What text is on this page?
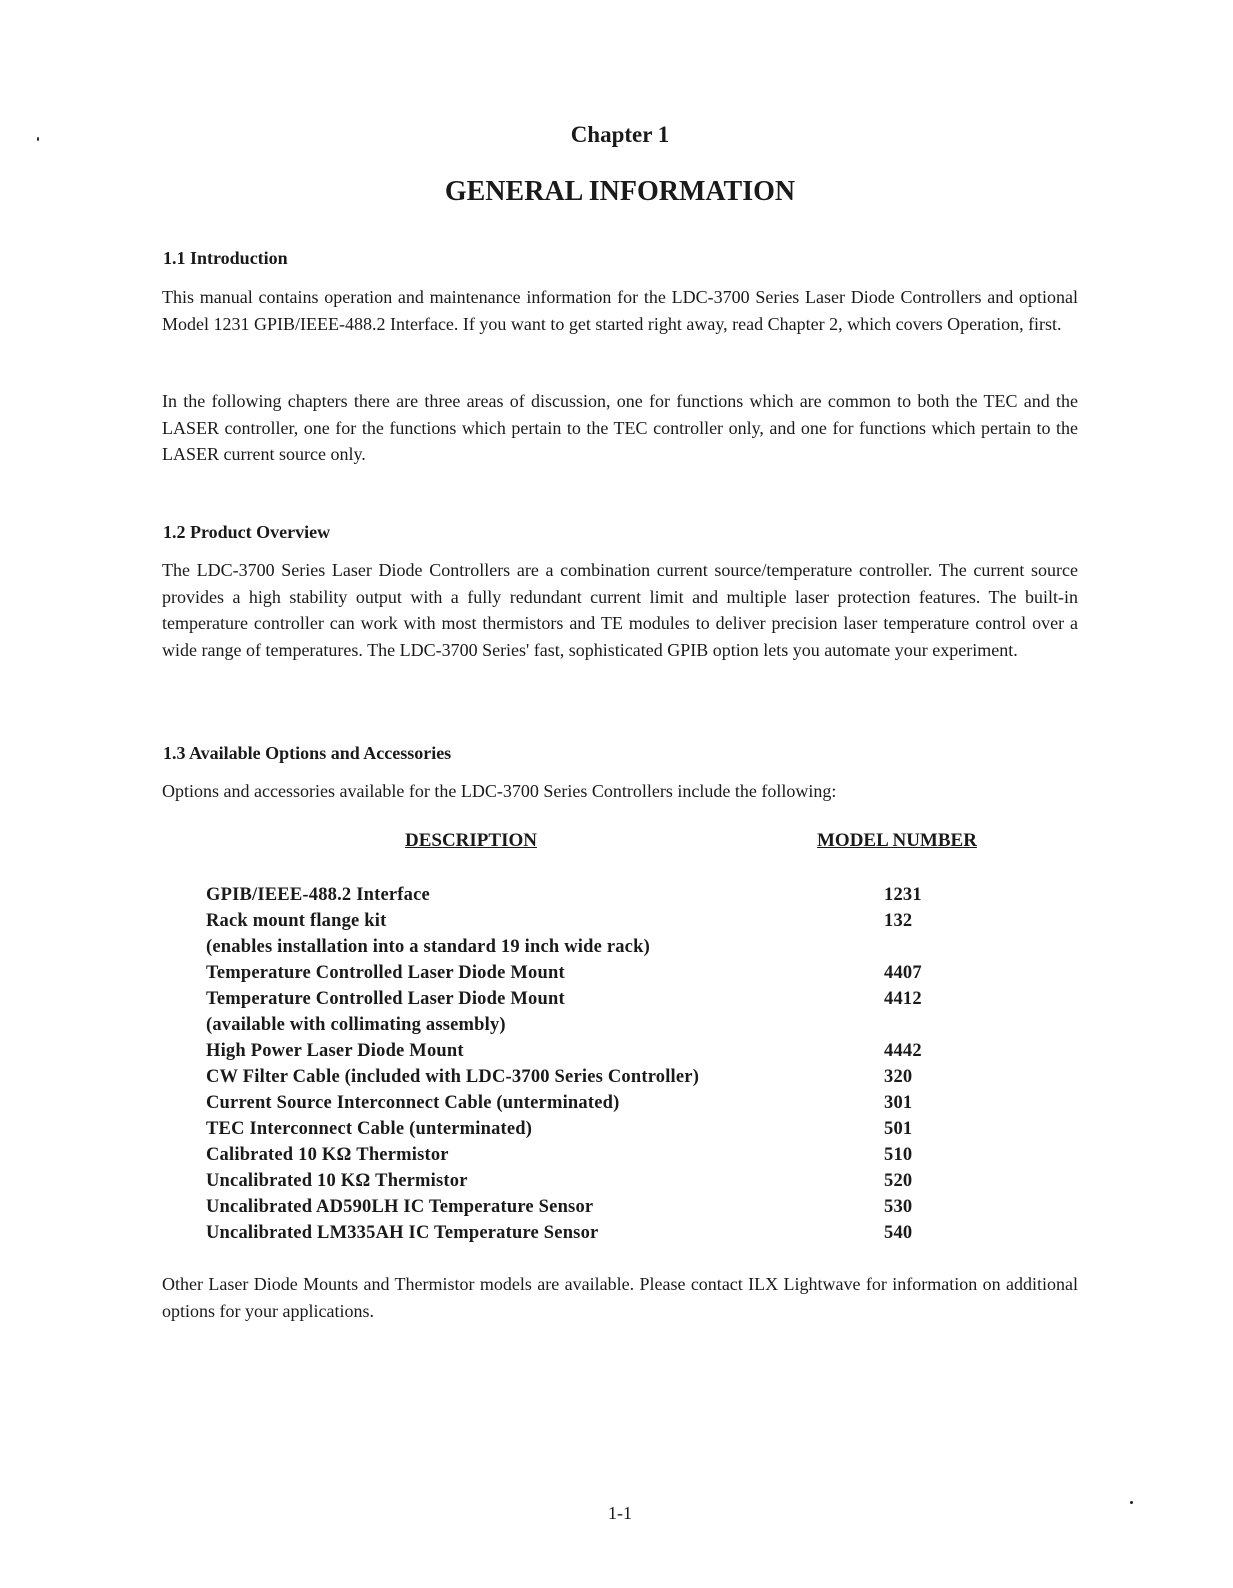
Chapter 1
GENERAL INFORMATION
1.1 Introduction
This manual contains operation and maintenance information for the LDC-3700 Series Laser Diode Controllers and optional Model 1231 GPIB/IEEE-488.2 Interface. If you want to get started right away, read Chapter 2, which covers Operation, first.
In the following chapters there are three areas of discussion, one for functions which are common to both the TEC and the LASER controller, one for the functions which pertain to the TEC controller only, and one for functions which pertain to the LASER current source only.
1.2 Product Overview
The LDC-3700 Series Laser Diode Controllers are a combination current source/temperature controller. The current source provides a high stability output with a fully redundant current limit and multiple laser protection features. The built-in temperature controller can work with most thermistors and TE modules to deliver precision laser temperature control over a wide range of temperatures. The LDC-3700 Series' fast, sophisticated GPIB option lets you automate your experiment.
1.3 Available Options and Accessories
Options and accessories available for the LDC-3700 Series Controllers include the following:
DESCRIPTION	MODEL NUMBER
GPIB/IEEE-488.2 Interface	1231
Rack mount flange kit	132
(enables installation into a standard 19 inch wide rack)
Temperature Controlled Laser Diode Mount	4407
Temperature Controlled Laser Diode Mount	4412
(available with collimating assembly)
High Power Laser Diode Mount	4442
CW Filter Cable (included with LDC-3700 Series Controller)	320
Current Source Interconnect Cable (unterminated)	301
TEC Interconnect Cable (unterminated)	501
Calibrated 10 KΩ Thermistor	510
Uncalibrated 10 KΩ Thermistor	520
Uncalibrated AD590LH IC Temperature Sensor	530
Uncalibrated LM335AH IC Temperature Sensor	540
Other Laser Diode Mounts and Thermistor models are available. Please contact ILX Lightwave for information on additional options for your applications.
1-1
